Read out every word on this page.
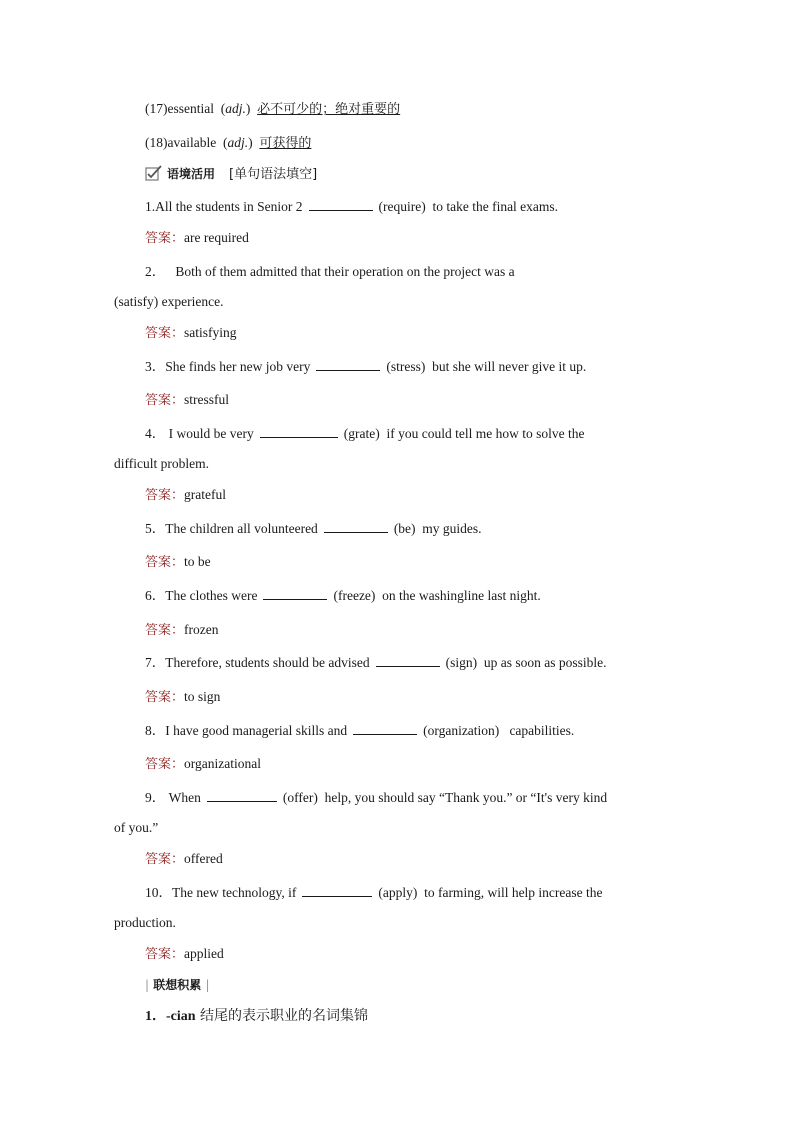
(17)essential  (adj.)  必不可少的；绝对重要的
(18)available  (adj.)  可获得的
语境活用 [单句语法填空]
1.All the students in Senior 2	(require) to take the final exams.
答案：are required
2． Both of them admitted that their operation on the project was a
(satisfy) experience.
答案：satisfying
3．She finds her new job very	(stress) but she will never give it up.
答案：stressful
4． I would be very	(grate) if you could tell me how to solve the
difficult problem.
答案：grateful
5．The children all volunteered	(be) my guides.
答案：to be
6．The clothes were	(freeze) on the washingline last night.
答案：frozen
7．Therefore, students should be advised	(sign) up as soon as possible.
答案：to sign
8．I have good managerial skills and	(organization) capabilities.
答案：organizational
9． When	(offer) help, you should say “Thank you.” or “It's very kind
of you.”
答案：offered
10．The new technology, if	(apply) to farming, will help increase the
production.
答案：applied
| 联想积累 |
1．-cian 结尾的表示职业的名词集锦
